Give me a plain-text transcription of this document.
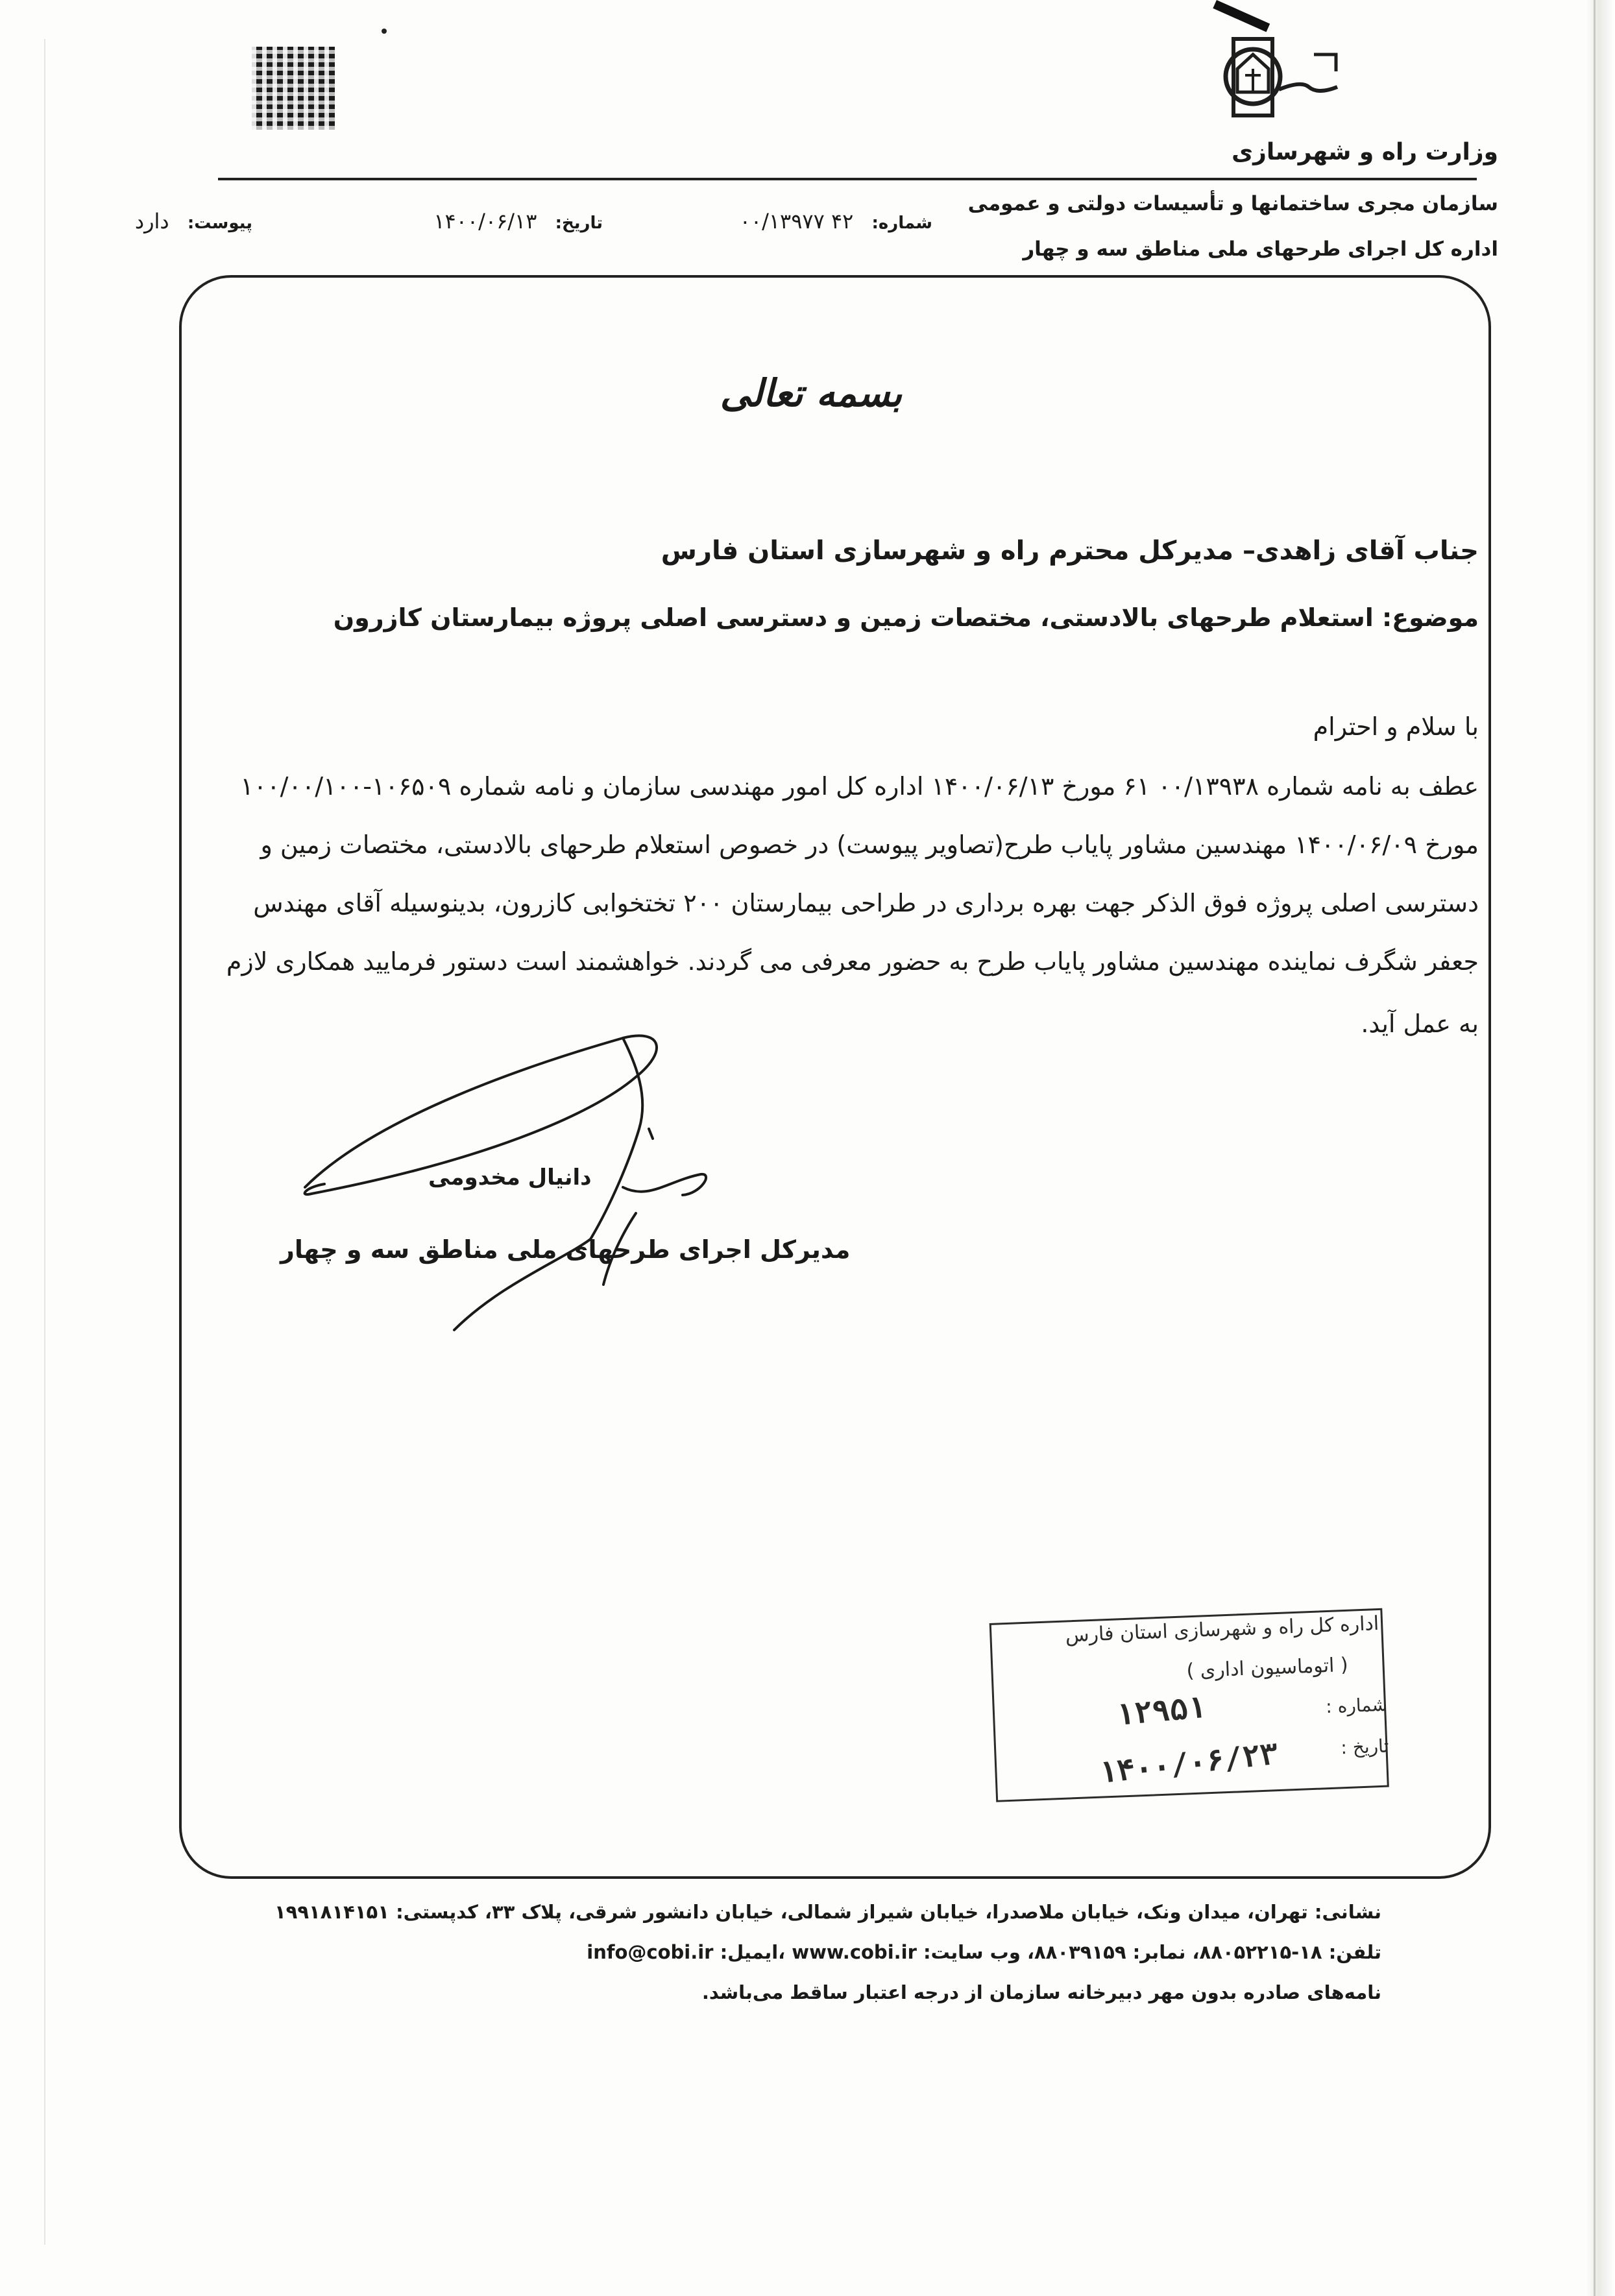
وزارت راه و شهرسازی
سازمان مجری ساختمانها و تأسیسات دولتی و عمومی
اداره کل اجرای طرحهای ملی مناطق سه و چهار
شماره: ۴۲ ۰۰/۱۳۹۷۷
تاریخ: ۱۴۰۰/۰۶/۱۳
پیوست: دارد
بسمه تعالی
جناب آقای زاهدی– مدیرکل محترم راه و شهرسازی استان فارس
موضوع: استعلام طرحهای بالادستی، مختصات زمین و دسترسی اصلی پروژه بیمارستان کازرون
با سلام و احترام
عطف به نامه شماره ۰۰/۱۳۹۳۸ ۶۱ مورخ ۱۴۰۰/۰۶/۱۳ اداره کل امور مهندسی سازمان و نامه شماره ۱۰۶۵۰۹-۱۰۰/۰۰/۱۰۰
مورخ ۱۴۰۰/۰۶/۰۹ مهندسین مشاور پایاب طرح(تصاویر پیوست) در خصوص استعلام طرحهای بالادستی، مختصات زمین و
دسترسی اصلی پروژه فوق الذکر جهت بهره برداری در طراحی بیمارستان ۲۰۰ تختخوابی کازرون، بدینوسیله آقای مهندس
جعفر شگرف نماینده مهندسین مشاور پایاب طرح به حضور معرفی می گردند. خواهشمند است دستور فرمایید همکاری لازم
به عمل آید.
دانیال مخدومی
مدیرکل اجرای طرحهای ملی مناطق سه و چهار
اداره کل راه و شهرسازی استان فارس
( اتوماسیون اداری )
شماره :
تاریخ :
۱۲۹۵۱
۱۴۰۰/۰۶/۲۳
نشانی: تهران، میدان ونک، خیابان ملاصدرا، خیابان شیراز شمالی، خیابان دانشور شرقی، پلاک ۳۳، کدپستی: ۱۹۹۱۸۱۴۱۵۱
تلفن: ۱۸-۸۸۰۵۲۲۱۵، نمابر: ۸۸۰۳۹۱۵۹، وب سایت: www.cobi.ir ،ایمیل: info@cobi.ir
نامه‌های صادره بدون مهر دبیرخانه سازمان از درجه اعتبار ساقط می‌باشد.
